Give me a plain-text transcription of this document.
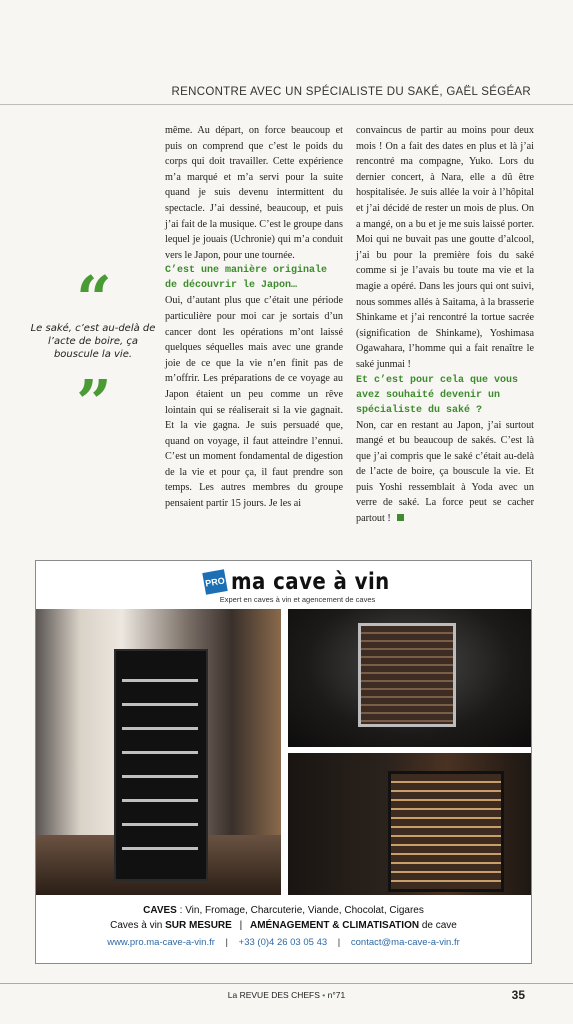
RENCONTRE AVEC UN SPÉCIALISTE DU SAKÉ, GAËL SÉGÉAR
“
Le saké, c’est au-delà de l’acte de boire, ça bouscule la vie.
”

même. Au départ, on force beaucoup et puis on comprend que c’est le poids du corps qui doit travailler. Cette expérience m’a marqué et m’a servi pour la suite quand je suis devenu intermittent du spectacle. J’ai dessiné, beaucoup, et puis j’ai fait de la musique. C’est le groupe dans lequel je jouais (Uchronie) qui m’a conduit vers le Japon, pour une tournée.

C’est une manière originale de découvrir le Japon…

Oui, d’autant plus que c’était une période particulière pour moi car je sortais d’un cancer dont les opérations m’ont laissé quelques séquelles mais avec une grande joie de ce que la vie n’en finit pas de m’offrir. Les préparations de ce voyage au Japon étaient un peu comme un rêve lointain qui se réaliserait si la vie gagnait. Et la vie gagna. Je suis persuadé que, quand on voyage, il faut atteindre l’ennui. C’est un moment fondamental de digestion de la vie et pour ça, il faut prendre son temps. Les autres membres du groupe pensaient partir 15 jours. Je les ai

convaincus de partir au moins pour deux mois ! On a fait des dates en plus et là j’ai rencontré ma compagne, Yuko. Lors du dernier concert, à Nara, elle a dû être hospitalisée. Je suis allée la voir à l’hôpital et j’ai décidé de rester un mois de plus. On a mangé, on a bu et je me suis laissé porter. Moi qui ne buvait pas une goutte d’alcool, j’ai bu pour la première fois du saké comme si je l’avais bu toute ma vie et la magie a opéré. Dans les jours qui ont suivi, nous sommes allés à Saitama, à la brasserie Shinkame et j’ai rencontré la tortue sacrée (signification de Shinkame), Yoshimasa Ogawahara, l’homme qui a fait renaître le saké junmai !

Et c’est pour cela que vous avez souhaité devenir un spécialiste du saké ?

Non, car en restant au Japon, j’ai surtout mangé et bu beaucoup de sakés. C’est là que j’ai compris que le saké c’était au-delà de l’acte de boire, ça bouscule la vie. Et puis Yoshi ressemblait à Yoda avec un verre de saké. La force peut se cacher partout !

PRO ma cave à vin
Expert en caves à vin et agencement de caves
CAVES : Vin, Fromage, Charcuterie, Viande, Chocolat, Cigares
Caves à vin SUR MESURE | AMÉNAGEMENT & CLIMATISATION de cave
www.pro.ma-cave-a-vin.fr | +33 (0)4 26 03 05 43 | contact@ma-cave-a-vin.fr
La REVUE DES CHEFS • n°71	35
